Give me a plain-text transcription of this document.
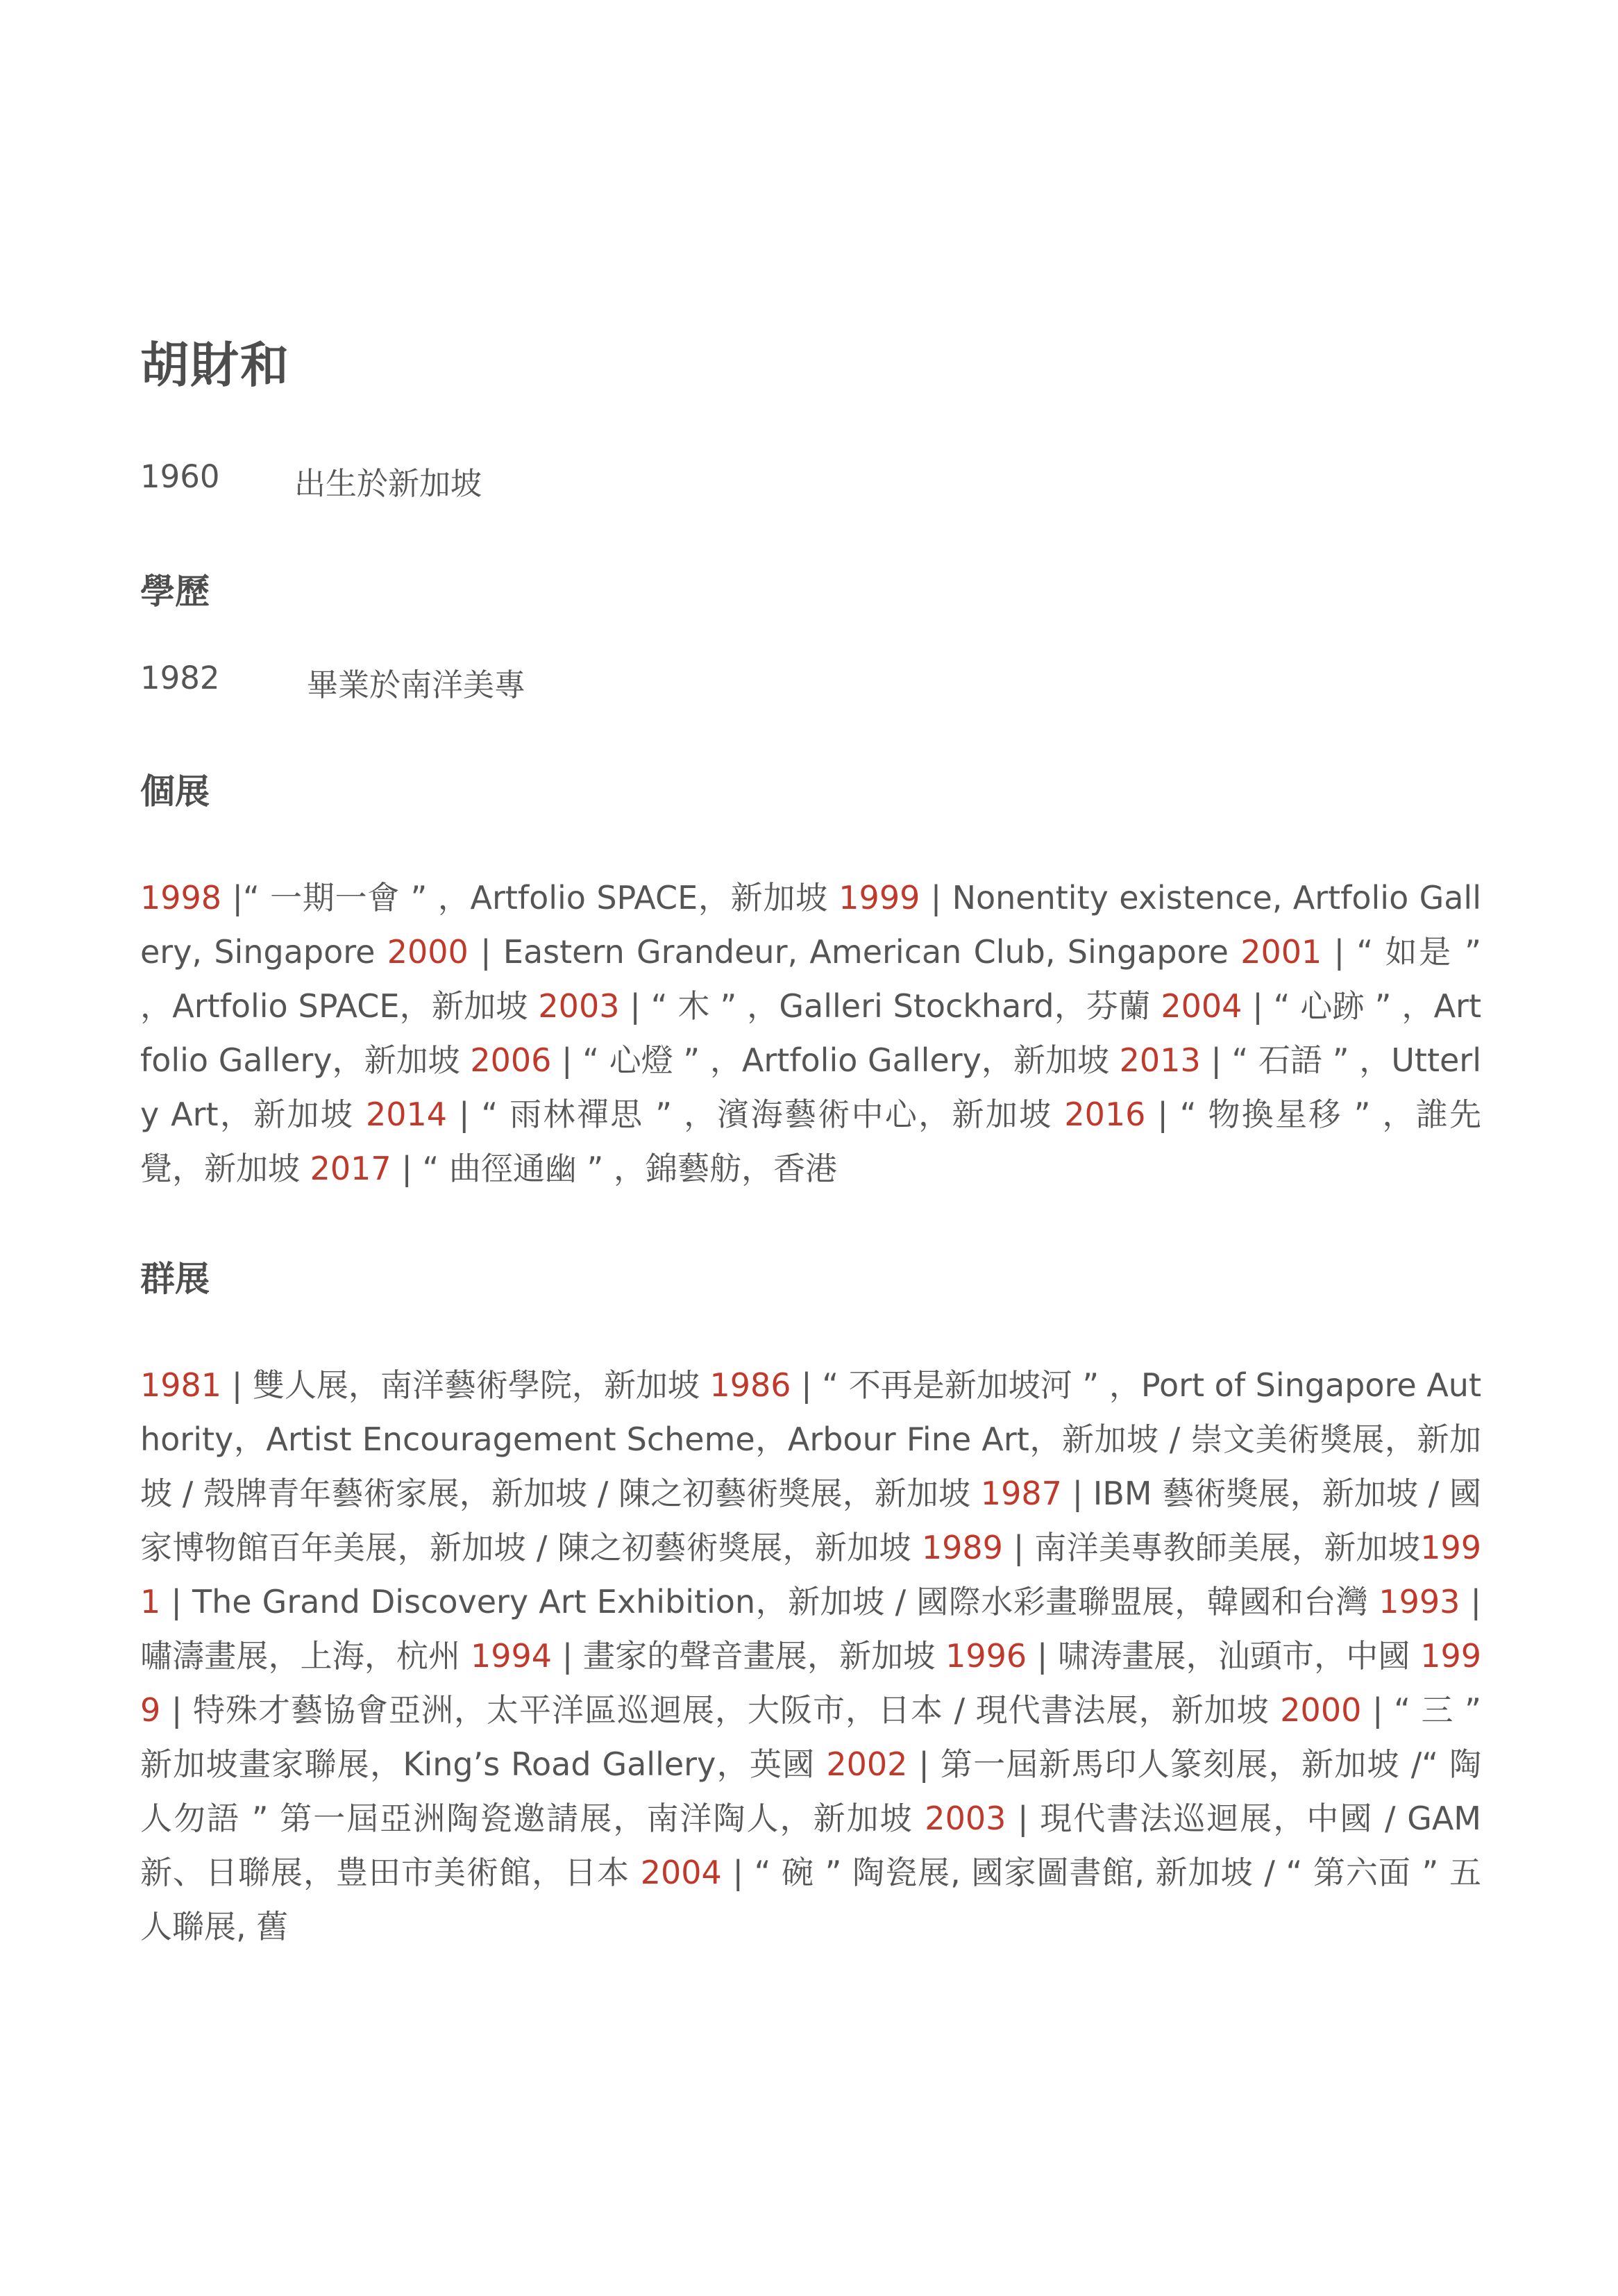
胡財和
1960 出生於新加坡
學歷
1982	畢業於南洋美專
個展
1998 |“ 一期一會 ” ，Artfolio SPACE，新加坡 1999 | Nonentity existence, Artfolio Gallery, Singapore 2000 | Eastern Grandeur, American Club, Singapore 2001 | “ 如是 ” ，Artfolio SPACE，新加坡 2003 | “ 木 ” ，Galleri Stockhard，芬蘭 2004 | “ 心跡 ” ，Artfolio Gallery，新加坡 2006 | “ 心燈 ” ，Artfolio Gallery，新加坡 2013 | “ 石語 ” ，Utterly Art，新加坡 2014 | “ 雨林禪思 ” ，濱海藝術中心，新加坡 2016 | “ 物換星移 ” ，誰先覺，新加坡 2017 | “ 曲徑通幽 ” ，錦藝舫，香港
群展
1981 | 雙人展，南洋藝術學院，新加坡 1986 | “ 不再是新加坡河 ” ，Port of Singapore Authority，Artist Encouragement Scheme，Arbour Fine Art，新加坡 / 崇文美術獎展，新加坡 / 殼牌青年藝術家展，新加坡 / 陳之初藝術獎展，新加坡 1987 | IBM 藝術獎展，新加坡 / 國家博物館百年美展，新加坡 / 陳之初藝術獎展，新加坡 1989 | 南洋美專教師美展，新加坡1991 | The Grand Discovery Art Exhibition，新加坡 / 國際水彩畫聯盟展，韓國和台灣 1993 | 嘯濤畫展，上海，杭州 1994 | 畫家的聲音畫展，新加坡 1996 | 啸涛畫展，汕頭市，中國 1999 | 特殊才藝協會亞洲，太平洋區巡迴展，大阪市，日本 / 現代書法展，新加坡 2000 | “ 三 ” 新加坡畫家聯展，King’s Road Gallery，英國 2002 | 第一屆新馬印人篆刻展，新加坡 /“ 陶人勿語 ” 第一屆亞洲陶瓷邀請展，南洋陶人，新加坡 2003 | 現代書法巡迴展，中國 / GAM 新、日聯展，豊田市美術館，日本 2004 | “ 碗 ” 陶瓷展, 國家圖書館, 新加坡 / “ 第六面 ” 五人聯展, 舊
